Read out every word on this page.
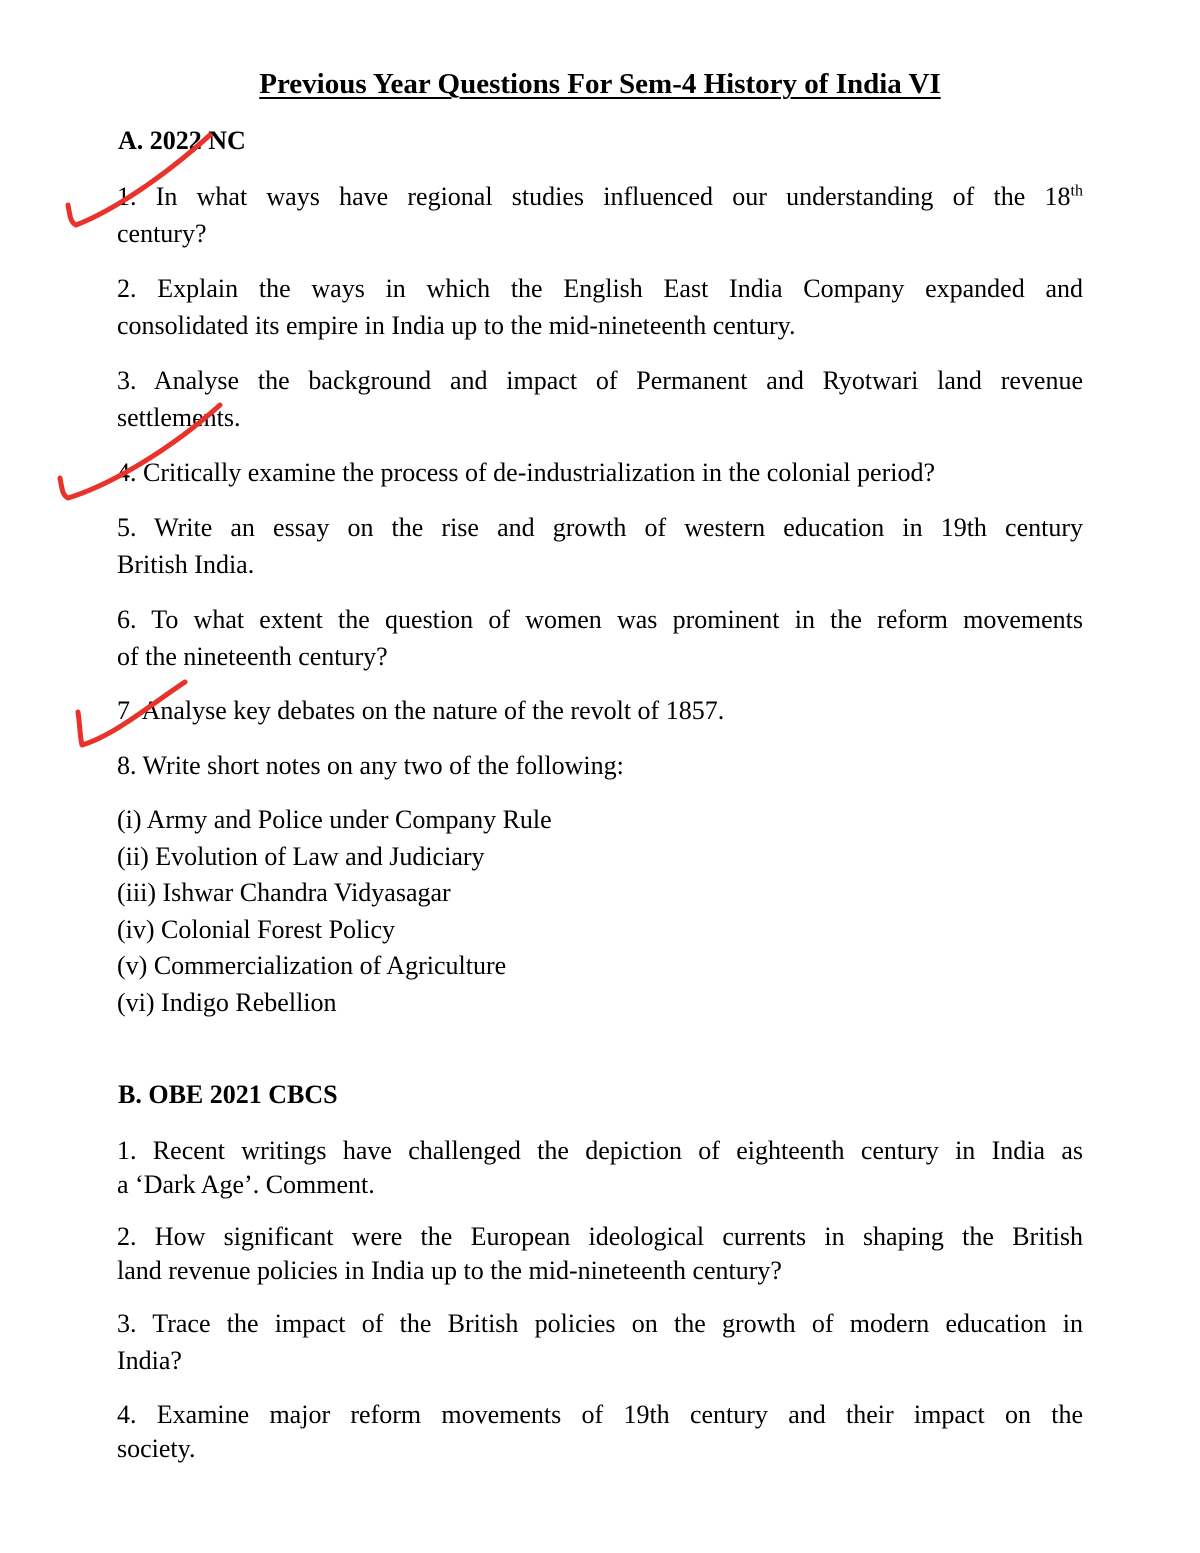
Previous Year Questions For Sem-4 History of India VI
A. 2022 NC
1. In what ways have regional studies influenced our understanding of the 18th
century?
2. Explain the ways in which the English East India Company expanded and
consolidated its empire in India up to the mid-nineteenth century.
3. Analyse the background and impact of Permanent and Ryotwari land revenue
settlements.
4. Critically examine the process of de-industrialization in the colonial period?
5. Write an essay on the rise and growth of western education in 19th century
British India.
6. To what extent the question of women was prominent in the reform movements
of the nineteenth century?
7. Analyse key debates on the nature of the revolt of 1857.
8. Write short notes on any two of the following:
(i) Army and Police under Company Rule
(ii) Evolution of Law and Judiciary
(iii) Ishwar Chandra Vidyasagar
(iv) Colonial Forest Policy
(v) Commercialization of Agriculture
(vi) Indigo Rebellion
B. OBE 2021 CBCS
1. Recent writings have challenged the depiction of eighteenth century in India as
a ‘Dark Age’. Comment.
2. How significant were the European ideological currents in shaping the British
land revenue policies in India up to the mid-nineteenth century?
3. Trace the impact of the British policies on the growth of modern education in
India?
4. Examine major reform movements of 19th century and their impact on the
society.
